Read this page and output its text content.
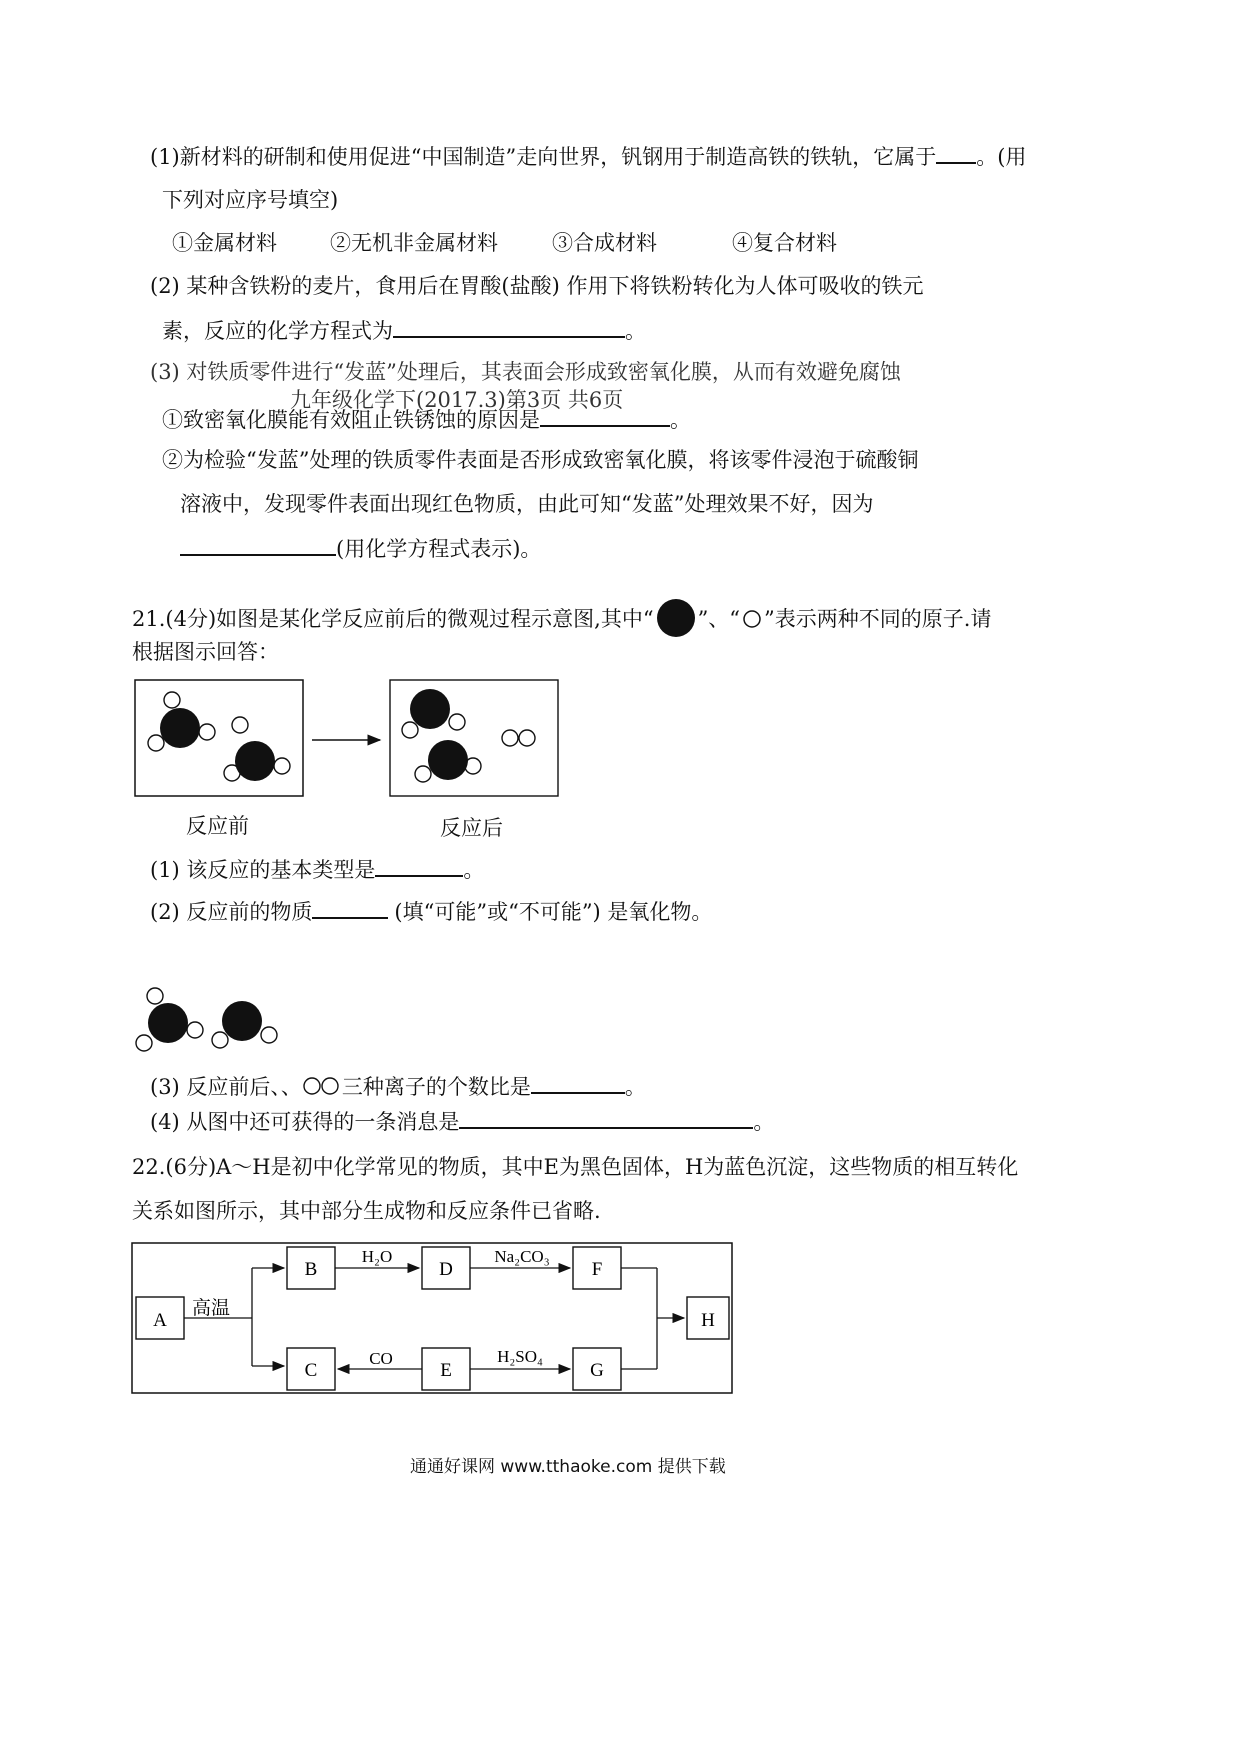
(1)新材料的研制和使用促进“中国制造”走向世界，钒钢用于制造高铁的铁轨，它属于 。(用
下列对应序号填空)
①金属材料	②无机非金属材料	③合成材料	④复合材料
(2) 某种含铁粉的麦片，食用后在胃酸(盐酸) 作用下将铁粉转化为人体可吸收的铁元
素，反应的化学方程式为	。
(3) 对铁质零件进行“发蓝”处理后，其表面会形成致密氧化膜，从而有效避免腐蚀
九年级化学下(2017.3)第3页 共6页
①致密氧化膜能有效阻止铁锈蚀的原因是	。
②为检验“发蓝”处理的铁质零件表面是否形成致密氧化膜，将该零件浸泡于硫酸铜
溶液中，发现零件表面出现红色物质，由此可知“发蓝”处理效果不好，因为
(用化学方程式表示)。
21.(4分)如图是某化学反应前后的微观过程示意图,其中“ ”、“ ”表示两种不同的原子.请
根据图示回答：
反应前	反应后
(1) 该反应的基本类型是	。
(2) 反应前的物质	(填“可能”或“不可能”) 是氧化物。
(3) 反应前后、、 三种离子的个数比是	。
(4) 从图中还可获得的一条消息是	。
22.(6分)A～H是初中化学常见的物质，其中E为黑色固体，H为蓝色沉淀，这些物质的相互转化
关系如图所示，其中部分生成物和反应条件已省略.
A
高温
B	D	F
C	E	G
H
H₂O	Na₂CO₃
CO	H₂SO₄
通通好课网 www.tthaoke.com 提供下载
